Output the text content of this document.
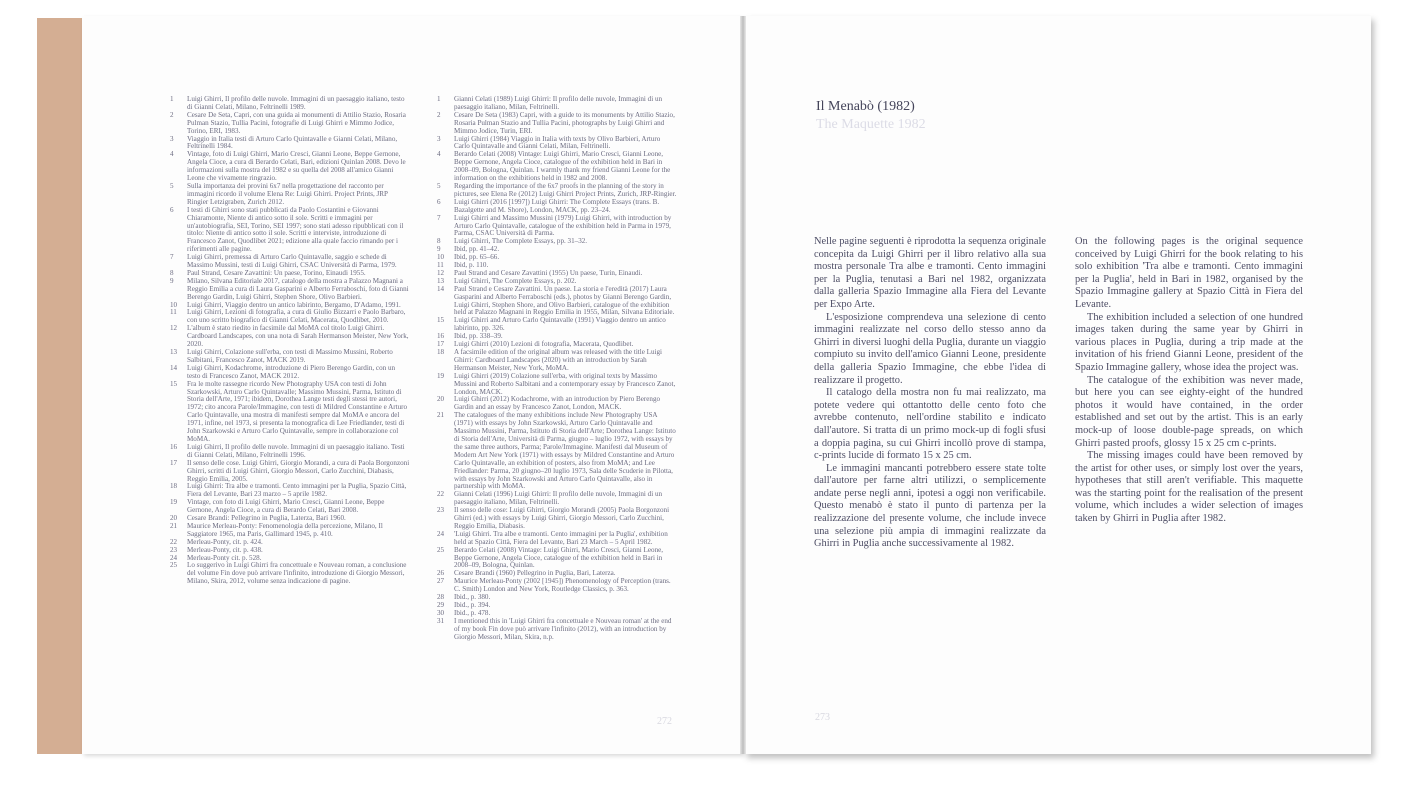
1 Luigi Ghirri, Il profilo delle nuvole. Immagini di un paesaggio italiano, testo di Gianni Celati, Milano, Feltrinelli 1989.

2 Cesare De Seta, Capri, con una guida ai monumenti di Attilio Stazio, Rosaria Pulman Stazio, Tullia Pacini, fotografie di Luigi Ghirri e Mimmo Jodice, Torino, ERI, 1983.

3 Viaggio in Italia testi di Arturo Carlo Quintavalle e Gianni Celati, Milano, Feltrinelli 1984.

4 Vintage, foto di Luigi Ghirri, Mario Cresci, Gianni Leone, Beppe Gernone, Angela Cioce, a cura di Berardo Celati, Bari, edizioni Quinlan 2008. Devo le informazioni sulla mostra del 1982 e su quella del 2008 all'amico Gianni Leone che vivamente ringrazio.

5 Sulla importanza dei provini 6x7 nella progettazione del racconto per immagini ricordo il volume Elena Re: Luigi Ghirri. Project Prints, JRP Ringier Letzigraben, Zurich 2012.

6 I testi di Ghirri sono stati pubblicati da Paolo Costantini e Giovanni Chiaramonte, Niente di antico sotto il sole. Scritti e immagini per un'autobiografia, SEI, Torino, SEI 1997; sono stati adesso ripubblicati con il titolo: Niente di antico sotto il sole. Scritti e interviste, introduzione di Francesco Zanot, Quodlibet 2021; edizione alla quale faccio rimando per i riferimenti alle pagine.

7 Luigi Ghirri, premessa di Arturo Carlo Quintavalle, saggio e schede di Massimo Mussini, testi di Luigi Ghirri, CSAC Università di Parma, 1979.

8 Paul Strand, Cesare Zavattini: Un paese, Torino, Einaudi 1955.

9 Milano, Silvana Editoriale 2017, catalogo della mostra a Palazzo Magnani a Reggio Emilia a cura di Laura Gasparini e Alberto Ferraboschi, foto di Gianni Berengo Gardin, Luigi Ghirri, Stephen Shore, Olivo Barbieri.

10 Luigi Ghirri, Viaggio dentro un antico labirinto, Bergamo, D'Adamo, 1991.

11 Luigi Ghirri, Lezioni di fotografia, a cura di Giulio Bizzarri e Paolo Barbaro, con uno scritto biografico di Gianni Celati, Macerata, Quodlibet, 2010.

12 L'album è stato riedito in facsimile dal MoMA col titolo Luigi Ghirri. Cardboard Landscapes, con una nota di Sarah Hermanson Meister, New York, 2020.

13 Luigi Ghirri, Colazione sull'erba, con testi di Massimo Mussini, Roberto Salbitani, Francesco Zanot, MACK 2019.

14 Luigi Ghirri, Kodachrome, introduzione di Piero Berengo Gardin, con un testo di Francesco Zanot, MACK 2012.

15 Fra le molte rassegne ricordo New Photography USA con testi di John Szarkowski, Arturo Carlo Quintavalle; Massimo Mussini, Parma, Istituto di Storia dell'Arte, 1971; ibidem, Dorothea Lange testi degli stessi tre autori, 1972; cito ancora Parole/Immagine, con testi di Mildred Constantine e Arturo Carlo Quintavalle, una mostra di manifesti sempre dal MoMA e ancora del 1971, infine, nel 1973, si presenta la monografica di Lee Friedlander, testi di John Szarkowski e Arturo Carlo Quintavalle, sempre in collaborazione col MoMA.

16 Luigi Ghirri, Il profilo delle nuvole. Immagini di un paesaggio italiano. Testi di Gianni Celati, Milano, Feltrinelli 1996.

17 Il senso delle cose. Luigi Ghirri, Giorgio Morandi, a cura di Paola Borgonzoni Ghirri, scritti di Luigi Ghirri, Giorgio Messori, Carlo Zucchini, Diabasis, Reggio Emilia, 2005.

18 Luigi Ghirri: Tra albe e tramonti. Cento immagini per la Puglia, Spazio Città, Fiera del Levante, Bari 23 marzo – 5 aprile 1982.

19 Vintage, con foto di Luigi Ghirri, Mario Cresci, Gianni Leone, Beppe Gernone, Angela Cioce, a cura di Berardo Celati, Bari 2008.

20 Cesare Brandi: Pellegrino in Puglia, Laterza, Bari 1960.

21 Maurice Merleau-Ponty: Fenomenologia della percezione, Milano, Il Saggiatore 1965, ma Paris, Gallimard 1945, p. 410.

22 Merleau-Ponty, cit. p. 424.

23 Merleau-Ponty, cit. p. 438.

24 Merleau-Ponty cit. p. 528.

25 Lo suggerivo in Luigi Ghirri fra concettuale e Nouveau roman, a conclusione del volume Fin dove può arrivare l'infinito, introduzione di Giorgio Messori, Milano, Skira, 2012, volume senza indicazione di pagine.

1 Gianni Celati (1989) Luigi Ghirri: Il profilo delle nuvole, Immagini di un paesaggio italiano, Milan, Feltrinelli.

2 Cesare De Seta (1983) Capri, with a guide to its monuments by Attilio Stazio, Rosaria Pulman Stazio and Tullia Pacini, photographs by Luigi Ghirri and Mimmo Jodice, Turin, ERI.

3 Luigi Ghirri (1984) Viaggio in Italia with texts by Olivo Barbieri, Arturo Carlo Quintavalle and Gianni Celati, Milan, Feltrinelli.

4 Berardo Celati (2008) Vintage: Luigi Ghirri, Mario Cresci, Gianni Leone, Beppe Gernone, Angela Cioce, catalogue of the exhibition held in Bari in 2008–09, Bologna, Quinlan. I warmly thank my friend Gianni Leone for the information on the exhibitions held in 1982 and 2008.

5 Regarding the importance of the 6x7 proofs in the planning of the story in pictures, see Elena Re (2012) Luigi Ghirri Project Prints, Zurich, JRP-Ringier.

6 Luigi Ghirri (2016 [1997]) Luigi Ghirri: The Complete Essays (trans. B. Bazalgette and M. Shore), London, MACK, pp. 23–24.

7 Luigi Ghirri and Massimo Mussini (1979) Luigi Ghirri, with introduction by Arturo Carlo Quintavalle, catalogue of the exhibition held in Parma in 1979, Parma, CSAC Università di Parma.

8 Luigi Ghirri, The Complete Essays, pp. 31–32.

9 Ibid, pp. 41–42.

10 Ibid, pp. 65–66.

11 Ibid, p. 110.

12 Paul Strand and Cesare Zavattini (1955) Un paese, Turin, Einaudi.

13 Luigi Ghirri, The Complete Essays, p. 202.

14 Paul Strand e Cesare Zavattini. Un paese. La storia e l'eredità (2017) Laura Gasparini and Alberto Ferraboschi (eds.), photos by Gianni Berengo Gardin, Luigi Ghirri, Stephen Shore, and Olivo Barbieri, catalogue of the exhibition held at Palazzo Magnani in Reggio Emilia in 1955, Milan, Silvana Editoriale.

15 Luigi Ghirri and Arturo Carlo Quintavalle (1991) Viaggio dentro un antico labirinto, pp. 326.

16 Ibid, pp. 338–39.

17 Luigi Ghirri (2010) Lezioni di fotografia, Macerata, Quodlibet.

18 A facsimile edition of the original album was released with the title Luigi Ghirri: Cardboard Landscapes (2020) with an introduction by Sarah Hermanson Meister, New York, MoMA.

19 Luigi Ghirri (2019) Colazione sull'erba, with original texts by Massimo Mussini and Roberto Salbitani and a contemporary essay by Francesco Zanot, London, MACK.

20 Luigi Ghirri (2012) Kodachrome, with an introduction by Piero Berengo Gardin and an essay by Francesco Zanot, London, MACK.

21 The catalogues of the many exhibitions include New Photography USA (1971) with essays by John Szarkowski, Arturo Carlo Quintavalle and Massimo Mussini, Parma, Istituto di Storia dell'Arte; Dorothea Lange: Istituto di Storia dell'Arte, Università di Parma, giugno – luglio 1972, with essays by the same three authors, Parma; Parole/Immagine. Manifesti dal Museum of Modern Art New York (1971) with essays by Mildred Constantine and Arturo Carlo Quintavalle, an exhibition of posters, also from MoMA; and Lee Friedlander: Parma, 20 giugno–20 luglio 1973, Sala delle Scuderie in Pilotta, with essays by John Szarkowski and Arturo Carlo Quintavalle, also in partnership with MoMA.

22 Gianni Celati (1996) Luigi Ghirri: Il profilo delle nuvole, Immagini di un paesaggio italiano, Milan, Feltrinelli.

23 Il senso delle cose: Luigi Ghirri, Giorgio Morandi (2005) Paola Borgonzoni Ghirri (ed.) with essays by Luigi Ghirri, Giorgio Messori, Carlo Zucchini, Reggio Emilia, Diabasis.

24 'Luigi Ghirri. Tra albe e tramonti. Cento immagini per la Puglia', exhibition held at Spazio Città, Fiera del Levante, Bari 23 March – 5 April 1982.

25 Berardo Celati (2008) Vintage: Luigi Ghirri, Mario Cresci, Gianni Leone, Beppe Gernone, Angela Cioce, catalogue of the exhibition held in Bari in 2008–09, Bologna, Quinlan.

26 Cesare Brandi (1960) Pellegrino in Puglia, Bari, Laterza.

27 Maurice Merleau-Ponty (2002 [1945]) Phenomenology of Perception (trans. C. Smith) London and New York, Routledge Classics, p. 363.

28 Ibid., p. 380.

29 Ibid., p. 394.

30 Ibid., p. 478.

31 I mentioned this in 'Luigi Ghirri fra concettuale e Nouveau roman' at the end of my book Fin dove può arrivare l'infinito (2012), with an introduction by Giorgio Messori, Milan, Skira, n.p.

272	273
Il Menabò (1982)
The Maquette 1982

Nelle pagine seguenti è riprodotta la sequenza originale concepita da Luigi Ghirri per il libro relativo alla sua mostra personale Tra albe e tramonti. Cento immagini per la Puglia, tenutasi a Bari nel 1982, organizzata dalla galleria Spazio Immagine alla Fiera del Levante per Expo Arte.

L'esposizione comprendeva una selezione di cento immagini realizzate nel corso dello stesso anno da Ghirri in diversi luoghi della Puglia, durante un viaggio compiuto su invito dell'amico Gianni Leone, presidente della galleria Spazio Immagine, che ebbe l'idea di realizzare il progetto.

Il catalogo della mostra non fu mai realizzato, ma potete vedere qui ottantotto delle cento foto che avrebbe contenuto, nell'ordine stabilito e indicato dall'autore. Si tratta di un primo mock-up di fogli sfusi a doppia pagina, su cui Ghirri incollò prove di stampa, c-prints lucide di formato 15 x 25 cm.

Le immagini mancanti potrebbero essere state tolte dall'autore per farne altri utilizzi, o semplicemente andate perse negli anni, ipotesi a oggi non verificabile. Questo menabò è stato il punto di partenza per la realizzazione del presente volume, che include invece una selezione più ampia di immagini realizzate da Ghirri in Puglia anche successivamente al 1982.

On the following pages is the original sequence conceived by Luigi Ghirri for the book relating to his solo exhibition 'Tra albe e tramonti. Cento immagini per la Puglia', held in Bari in 1982, organised by the Spazio Immagine gallery at Spazio Città in Fiera del Levante.

The exhibition included a selection of one hundred images taken during the same year by Ghirri in various places in Puglia, during a trip made at the invitation of his friend Gianni Leone, president of the Spazio Immagine gallery, whose idea the project was.

The catalogue of the exhibition was never made, but here you can see eighty-eight of the hundred photos it would have contained, in the order established and set out by the artist. This is an early mock-up of loose double-page spreads, on which Ghirri pasted proofs, glossy 15 x 25 cm c-prints.

The missing images could have been removed by the artist for other uses, or simply lost over the years, hypotheses that still aren't verifiable. This maquette was the starting point for the realisation of the present volume, which includes a wider selection of images taken by Ghirri in Puglia after 1982.
